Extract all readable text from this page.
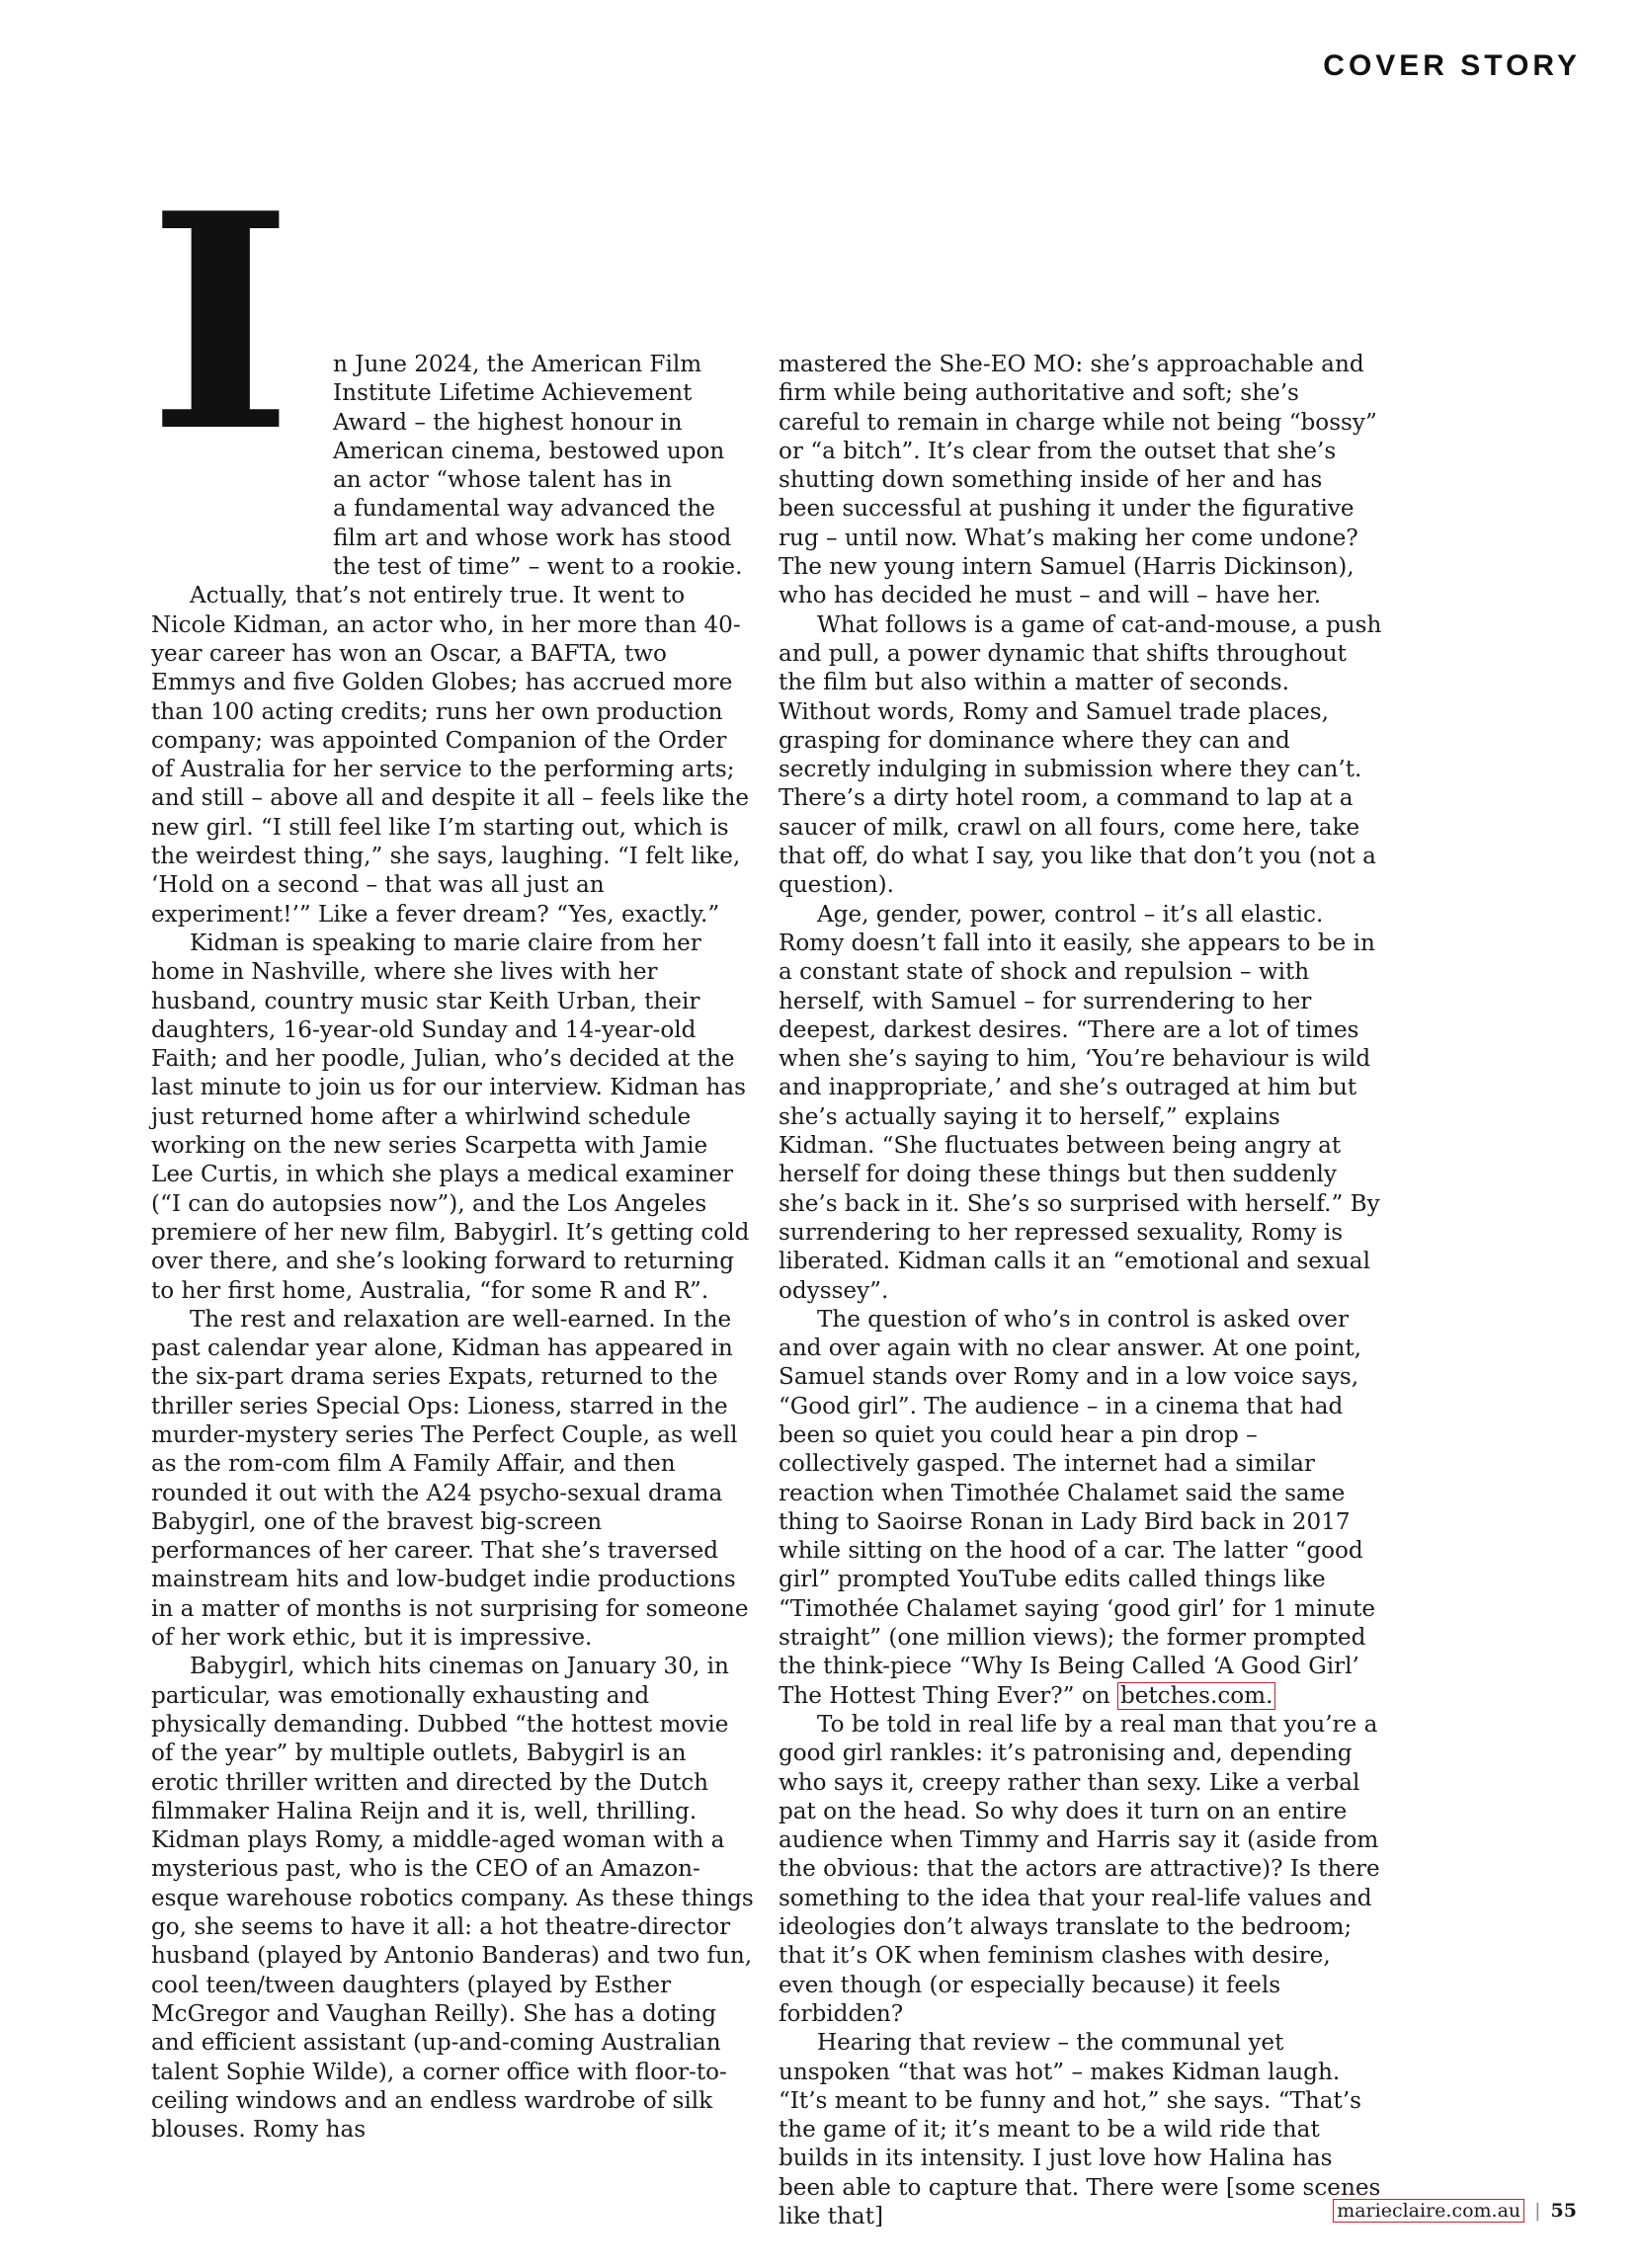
COVER STORY
I n June 2024, the American Film
Institute Lifetime Achievement
Award – the highest honour in
American cinema, bestowed upon
an actor “whose talent has in
a fundamental way advanced the
film art and whose work has stood
the test of time” – went to a rookie.

Actually, that’s not entirely true. It went to Nicole Kidman, an actor who, in her more than 40-year career has won an Oscar, a BAFTA, two Emmys and five Golden Globes; has accrued more than 100 acting credits; runs her own production company; was appointed Companion of the Order of Australia for her service to the performing arts; and still – above all and despite it all – feels like the new girl. “I still feel like I’m starting out, which is the weirdest thing,” she says, laughing. “I felt like, ‘Hold on a second – that was all just an experiment!’” Like a fever dream? “Yes, exactly.”

Kidman is speaking to marie claire from her home in Nashville, where she lives with her husband, country music star Keith Urban, their daughters, 16-year-old Sunday and 14-year-old Faith; and her poodle, Julian, who’s decided at the last minute to join us for our interview. Kidman has just returned home after a whirlwind schedule working on the new series Scarpetta with Jamie Lee Curtis, in which she plays a medical examiner (“I can do autopsies now”), and the Los Angeles premiere of her new film, Babygirl. It’s getting cold over there, and she’s looking forward to returning to her first home, Australia, “for some R and R”.

The rest and relaxation are well-earned. In the past calendar year alone, Kidman has appeared in the six-part drama series Expats, returned to the thriller series Special Ops: Lioness, starred in the murder-mystery series The Perfect Couple, as well as the rom-com film A Family Affair, and then rounded it out with the A24 psycho-sexual drama Babygirl, one of the bravest big-screen performances of her career. That she’s traversed mainstream hits and low-budget indie productions in a matter of months is not surprising for someone of her work ethic, but it is impressive.

Babygirl, which hits cinemas on January 30, in particular, was emotionally exhausting and physically demanding. Dubbed “the hottest movie of the year” by multiple outlets, Babygirl is an erotic thriller written and directed by the Dutch filmmaker Halina Reijn and it is, well, thrilling. Kidman plays Romy, a middle-aged woman with a mysterious past, who is the CEO of an Amazon-esque warehouse robotics company. As these things go, she seems to have it all: a hot theatre-director husband (played by Antonio Banderas) and two fun, cool teen/tween daughters (played by Esther McGregor and Vaughan Reilly). She has a doting and efficient assistant (up-and-coming Australian talent Sophie Wilde), a corner office with floor-to-ceiling windows and an endless wardrobe of silk blouses. Romy has

mastered the She-EO MO: she’s approachable and firm while being authoritative and soft; she’s careful to remain in charge while not being “bossy” or “a bitch”. It’s clear from the outset that she’s shutting down something inside of her and has been successful at pushing it under the figurative rug – until now. What’s making her come undone? The new young intern Samuel (Harris Dickinson), who has decided he must – and will – have her.

What follows is a game of cat-and-mouse, a push and pull, a power dynamic that shifts throughout the film but also within a matter of seconds. Without words, Romy and Samuel trade places, grasping for dominance where they can and secretly indulging in submission where they can’t. There’s a dirty hotel room, a command to lap at a saucer of milk, crawl on all fours, come here, take that off, do what I say, you like that don’t you (not a question).

Age, gender, power, control – it’s all elastic. Romy doesn’t fall into it easily, she appears to be in a constant state of shock and repulsion – with herself, with Samuel – for surrendering to her deepest, darkest desires. “There are a lot of times when she’s saying to him, ‘You’re behaviour is wild and inappropriate,’ and she’s outraged at him but she’s actually saying it to herself,” explains Kidman. “She fluctuates between being angry at herself for doing these things but then suddenly she’s back in it. She’s so surprised with herself.” By surrendering to her repressed sexuality, Romy is liberated. Kidman calls it an “emotional and sexual odyssey”.

The question of who’s in control is asked over and over again with no clear answer. At one point, Samuel stands over Romy and in a low voice says, “Good girl”. The audience – in a cinema that had been so quiet you could hear a pin drop – collectively gasped. The internet had a similar reaction when Timothée Chalamet said the same thing to Saoirse Ronan in Lady Bird back in 2017 while sitting on the hood of a car. The latter “good girl” prompted YouTube edits called things like “Timothée Chalamet saying ‘good girl’ for 1 minute straight” (one million views); the former prompted the think-piece “Why Is Being Called ‘A Good Girl’ The Hottest Thing Ever?” on betches.com.

To be told in real life by a real man that you’re a good girl rankles: it’s patronising and, depending who says it, creepy rather than sexy. Like a verbal pat on the head. So why does it turn on an entire audience when Timmy and Harris say it (aside from the obvious: that the actors are attractive)? Is there something to the idea that your real-life values and ideologies don’t always translate to the bedroom; that it’s OK when feminism clashes with desire, even though (or especially because) it feels forbidden?

Hearing that review – the communal yet unspoken “that was hot” – makes Kidman laugh. “It’s meant to be funny and hot,” she says. “That’s the game of it; it’s meant to be a wild ride that builds in its intensity. I just love how Halina has been able to capture that. There were [some scenes like that]	marieclaire.com.au | 55
